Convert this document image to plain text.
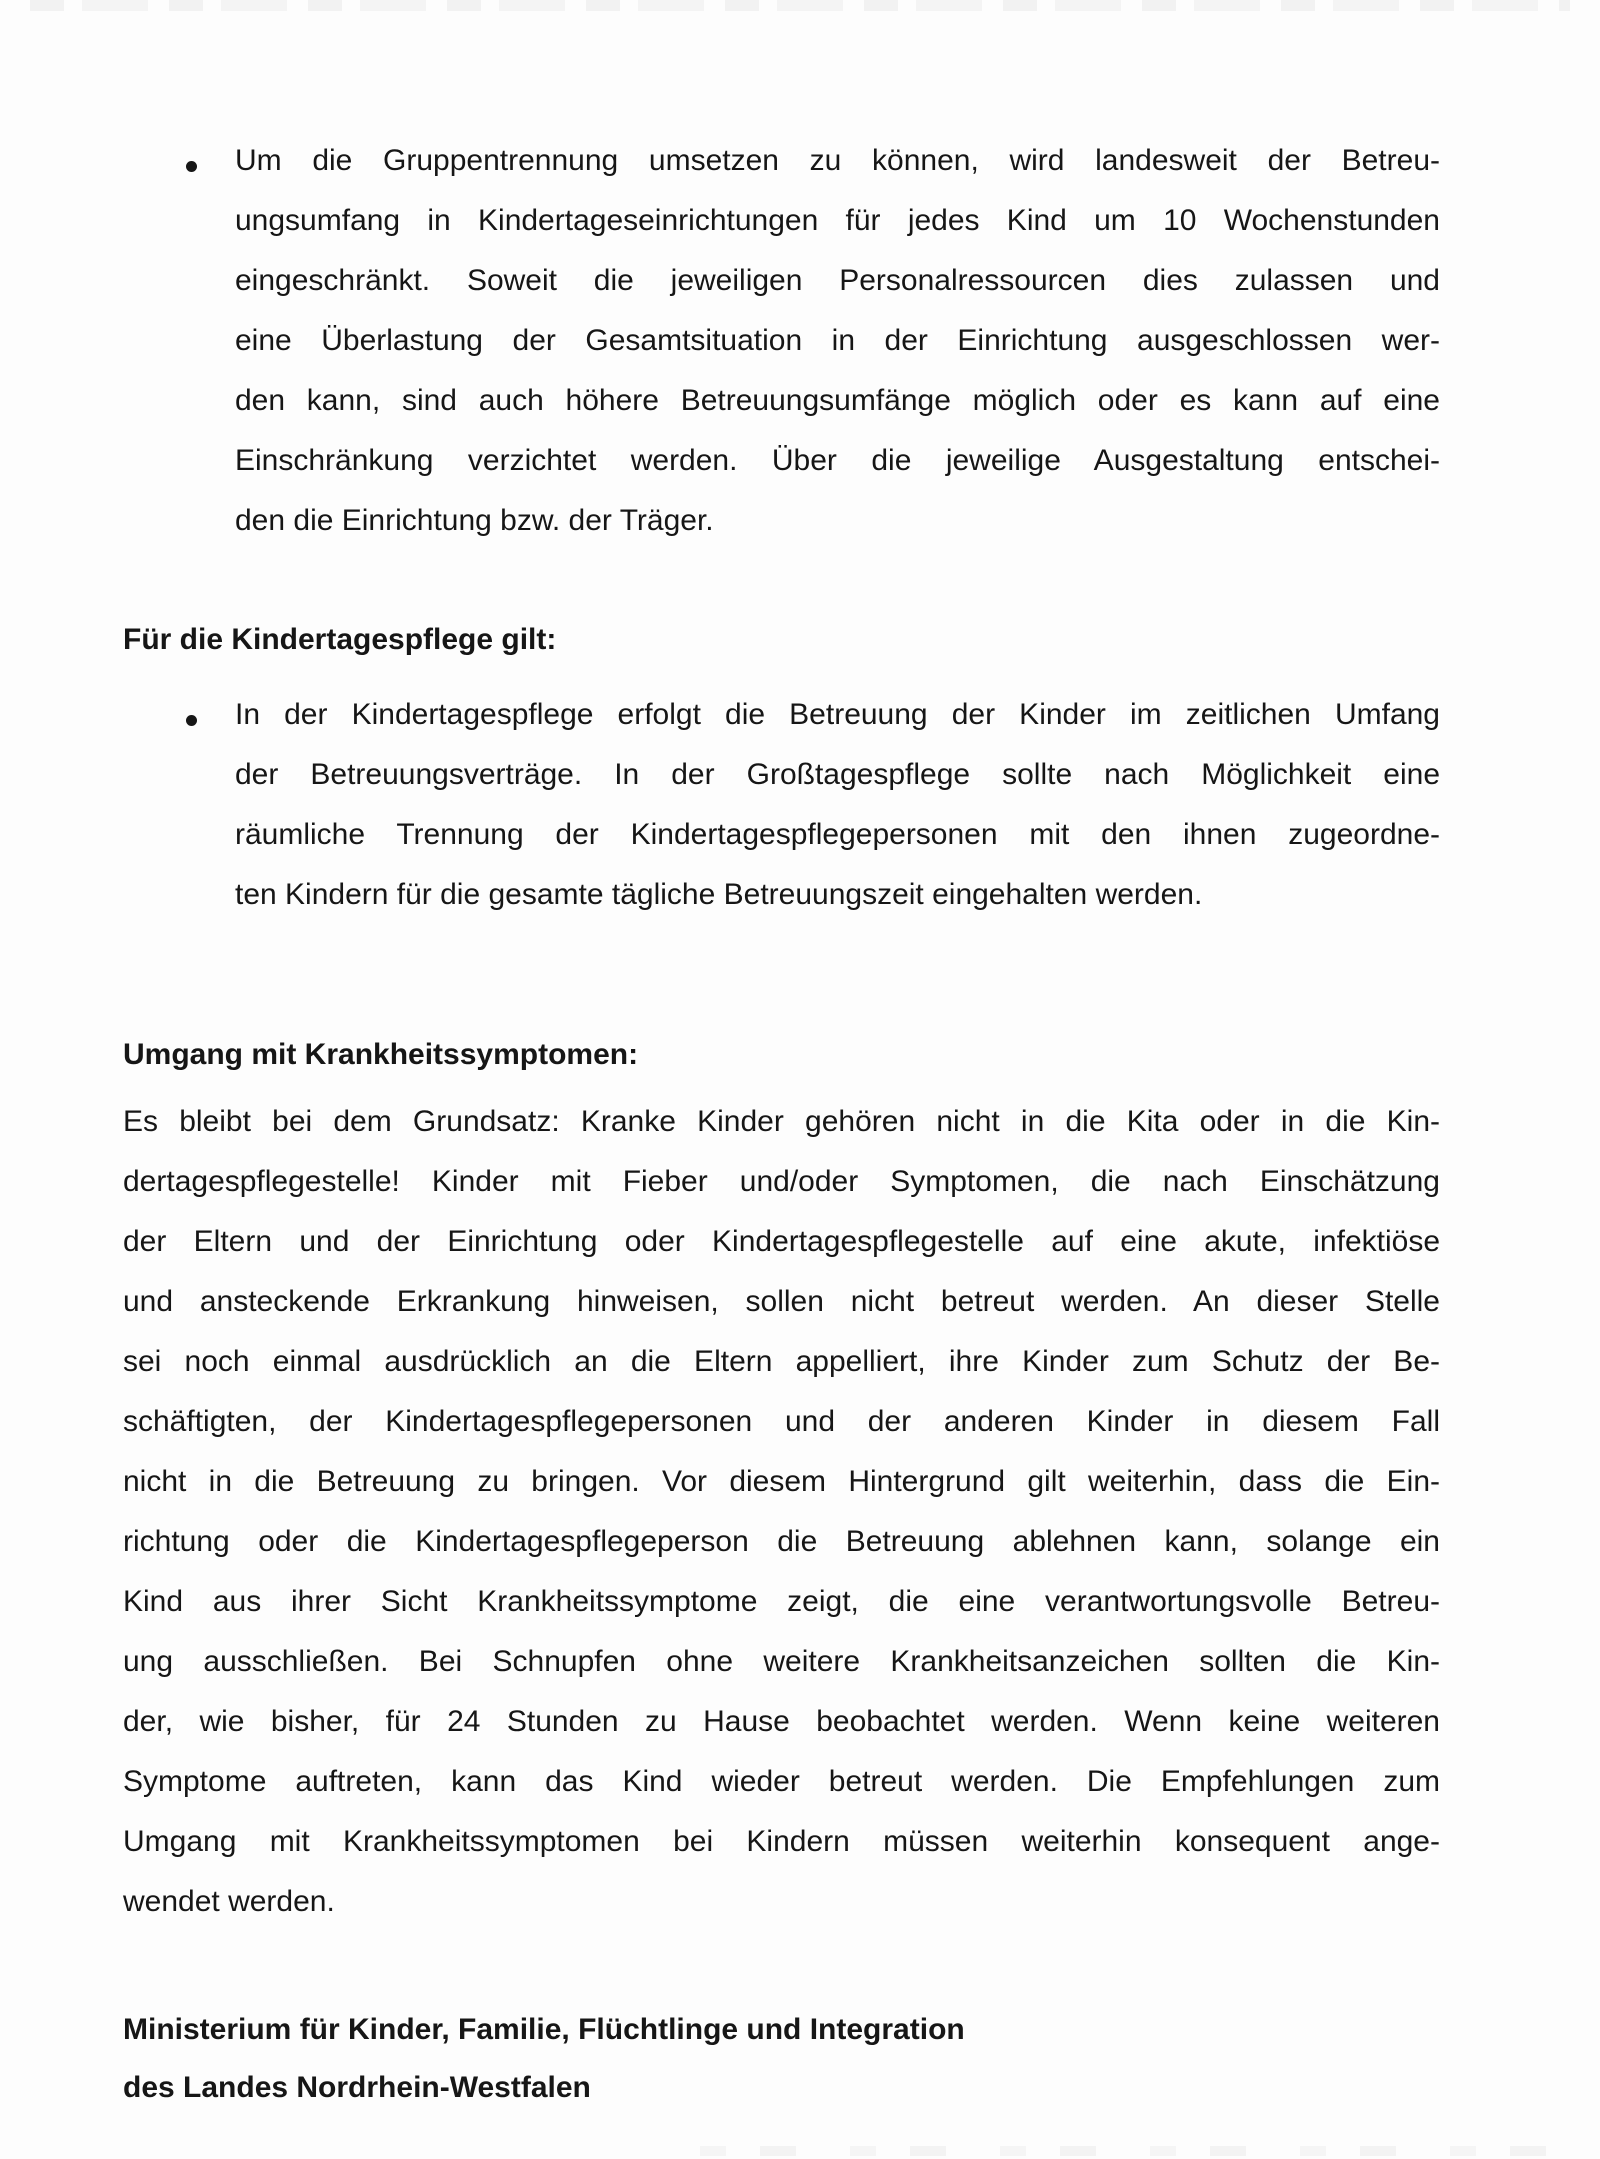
Um die Gruppentrennung umsetzen zu können, wird landesweit der Betreu-
ungsumfang in Kindertageseinrichtungen für jedes Kind um 10 Wochenstunden
eingeschränkt. Soweit die jeweiligen Personalressourcen dies zulassen und
eine Überlastung der Gesamtsituation in der Einrichtung ausgeschlossen wer-
den kann, sind auch höhere Betreuungsumfänge möglich oder es kann auf eine
Einschränkung verzichtet werden. Über die jeweilige Ausgestaltung entschei-
den die Einrichtung bzw. der Träger.
Für die Kindertagespflege gilt:
In der Kindertagespflege erfolgt die Betreuung der Kinder im zeitlichen Umfang
der Betreuungsverträge. In der Großtagespflege sollte nach Möglichkeit eine
räumliche Trennung der Kindertagespflegepersonen mit den ihnen zugeordne-
ten Kindern für die gesamte tägliche Betreuungszeit eingehalten werden.
Umgang mit Krankheitssymptomen:
Es bleibt bei dem Grundsatz: Kranke Kinder gehören nicht in die Kita oder in die Kin-
dertagespflegestelle! Kinder mit Fieber und/oder Symptomen, die nach Einschätzung
der Eltern und der Einrichtung oder Kindertagespflegestelle auf eine akute, infektiöse
und ansteckende Erkrankung hinweisen, sollen nicht betreut werden. An dieser Stelle
sei noch einmal ausdrücklich an die Eltern appelliert, ihre Kinder zum Schutz der Be-
schäftigten, der Kindertagespflegepersonen und der anderen Kinder in diesem Fall
nicht in die Betreuung zu bringen. Vor diesem Hintergrund gilt weiterhin, dass die Ein-
richtung oder die Kindertagespflegeperson die Betreuung ablehnen kann, solange ein
Kind aus ihrer Sicht Krankheitssymptome zeigt, die eine verantwortungsvolle Betreu-
ung ausschließen. Bei Schnupfen ohne weitere Krankheitsanzeichen sollten die Kin-
der, wie bisher, für 24 Stunden zu Hause beobachtet werden. Wenn keine weiteren
Symptome auftreten, kann das Kind wieder betreut werden. Die Empfehlungen zum
Umgang mit Krankheitssymptomen bei Kindern müssen weiterhin konsequent ange-
wendet werden.
Ministerium für Kinder, Familie, Flüchtlinge und Integration
des Landes Nordrhein-Westfalen
